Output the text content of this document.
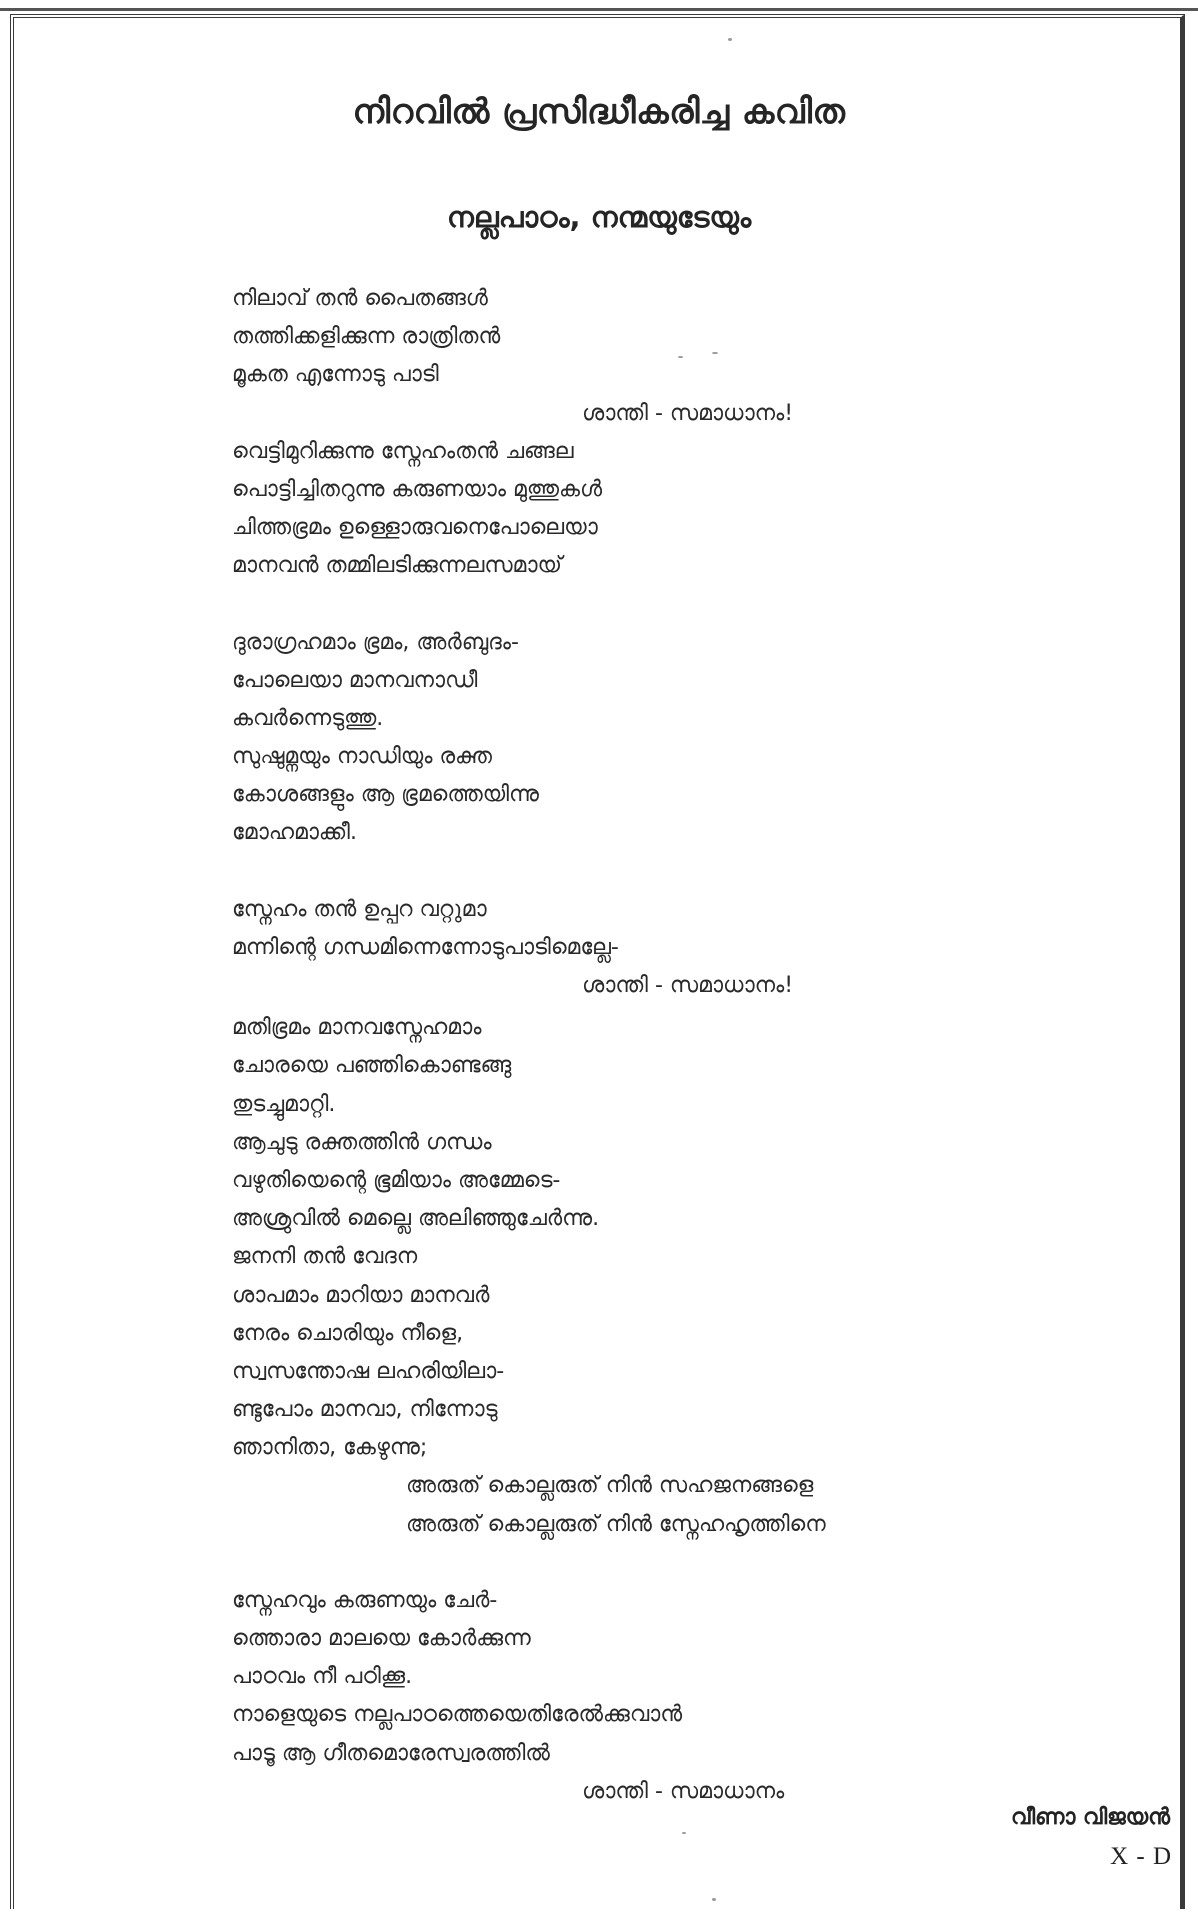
നിറവിൽ പ്രസിദ്ധീകരിച്ച കവിത
നല്ലപാഠം, നന്മയുടേയും
നിലാവ് തൻ പൈതങ്ങൾ
തത്തിക്കളിക്കുന്ന രാത്രിതൻ
മൂകത എന്നോടു പാടി
ശാന്തി - സമാധാനം!
വെട്ടിമുറിക്കുന്നു സ്നേഹംതൻ ചങ്ങല
പൊട്ടിച്ചിതറുന്നു കരുണയാം മുത്തുകൾ
ചിത്തഭ്രമം ഉള്ളൊരുവനെപോലെയാ
മാനവൻ തമ്മിലടിക്കുന്നലസമായ്
ദുരാഗ്രഹമാം ഭ്രമം, അർബുദം-
പോലെയാ മാനവനാഡീ
കവർന്നെടുത്തു.
സുഷുമ്നയും നാഡിയും രക്ത
കോശങ്ങളും ആ ഭ്രമത്തെയിന്നു
മോഹമാക്കീ.
സ്നേഹം തൻ ഉപ്പറ വറ്റുമാ
മന്നിന്റെ ഗന്ധമിന്നെന്നോടുപാടിമെല്ലേ-
ശാന്തി - സമാധാനം!
മതിഭ്രമം മാനവസ്നേഹമാം
ചോരയെ പഞ്ഞികൊണ്ടങ്ങു
തുടച്ചുമാറ്റി.
ആചുടു രക്തത്തിൻ ഗന്ധം
വഴുതിയെന്റെ ഭൂമിയാം അമ്മേടെ-
അശ്രുവിൽ മെല്ലെ അലിഞ്ഞുചേർന്നു.
ജനനി തൻ വേദന
ശാപമാം മാറിയാ മാനവർ
നേരം ചൊരിയും നീളെ,
സ്വസന്തോഷ ലഹരിയിലാ-
ണ്ടുപോം മാനവാ, നിന്നോടു
ഞാനിതാ, കേഴുന്നു;
അരുത് കൊല്ലരുത് നിൻ സഹജനങ്ങളെ
അരുത് കൊല്ലരുത് നിൻ സ്നേഹഹൃത്തിനെ
സ്നേഹവും കരുണയും ചേർ-
ത്തൊരാ മാലയെ കോർക്കുന്ന
പാഠവം നീ പഠിക്കൂ.
നാളെയുടെ നല്ലപാഠത്തെയെതിരേൽക്കുവാൻ
പാടൂ ആ ഗീതമൊരേസ്വരത്തിൽ
ശാന്തി - സമാധാനം
വീണാ വിജയൻ
X - D
